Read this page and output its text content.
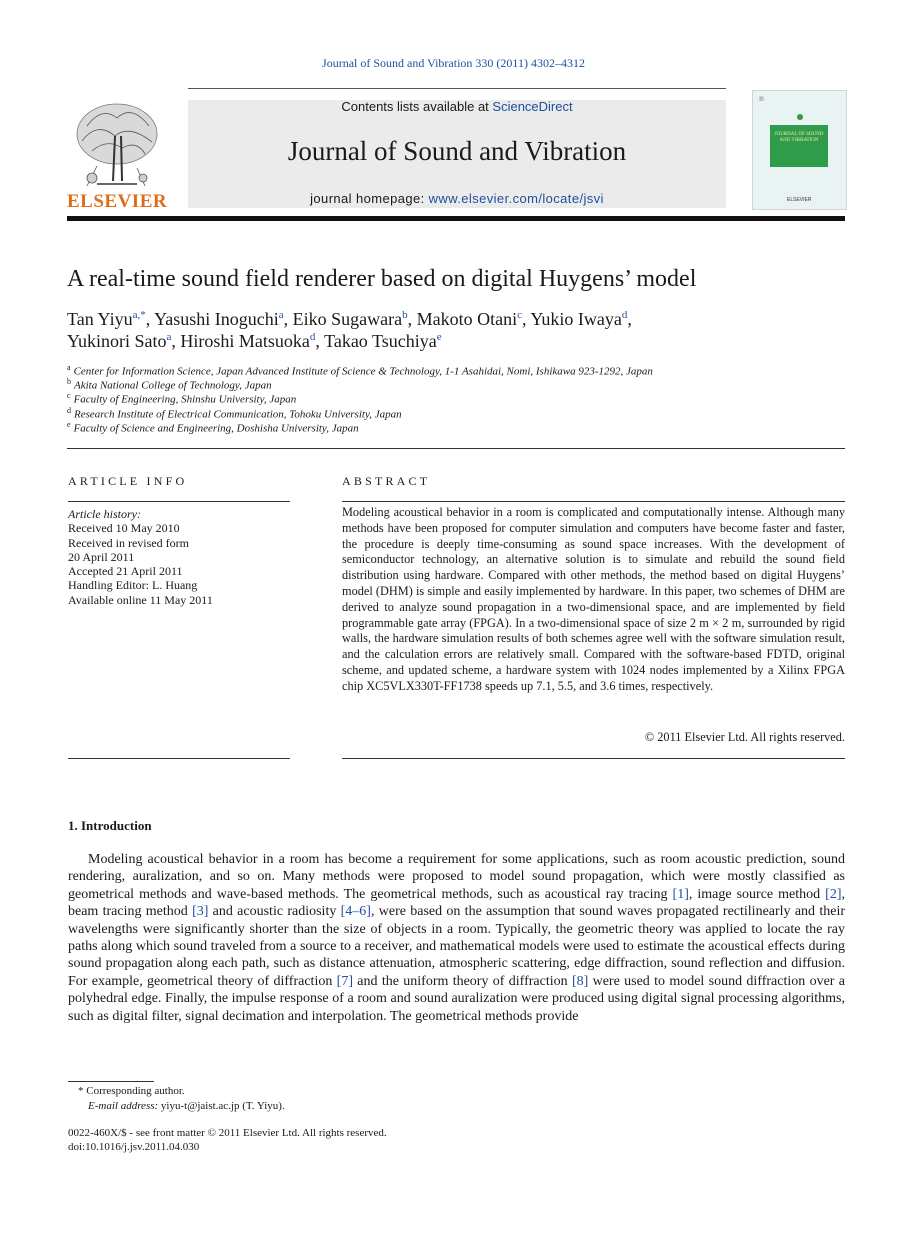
Journal of Sound and Vibration 330 (2011) 4302–4312
ELSEVIER
Contents lists available at ScienceDirect
Journal of Sound and Vibration
journal homepage: www.elsevier.com/locate/jsvi
▥
JOURNAL OF SOUND AND VIBRATION
ELSEVIER
A real-time sound field renderer based on digital Huygens’ model
Tan Yiyu$^{a,*}$, Yasushi Inoguchi$^a$, Eiko Sugawara$^b$, Makoto Otani$^c$, Yukio Iwaya$^d$,
Yukinori Sato$^a$, Hiroshi Matsuoka$^d$, Takao Tsuchiya$^e$
$^a$ Center for Information Science, Japan Advanced Institute of Science & Technology, 1-1 Asahidai, Nomi, Ishikawa 923-1292, Japan
$^b$ Akita National College of Technology, Japan
$^c$ Faculty of Engineering, Shinshu University, Japan
$^d$ Research Institute of Electrical Communication, Tohoku University, Japan
$^e$ Faculty of Science and Engineering, Doshisha University, Japan
ARTICLE INFO
Article history:
Received 10 May 2010
Received in revised form
20 April 2011
Accepted 21 April 2011
Handling Editor: L. Huang
Available online 11 May 2011
ABSTRACT
Modeling acoustical behavior in a room is complicated and computationally intense. Although many methods have been proposed for computer simulation and computers have become faster and faster, the procedure is deeply time-consuming as sound space increases. With the development of semiconductor technology, an alternative solution is to simulate and rebuild the sound field distribution using hardware. Compared with other methods, the method based on digital Huygens’ model (DHM) is simple and easily implemented by hardware. In this paper, two schemes of DHM are derived to analyze sound propagation in a two-dimensional space, and are implemented by field programmable gate array (FPGA). In a two-dimensional space of size 2 m × 2 m, surrounded by rigid walls, the hardware simulation results of both schemes agree well with the software simulation result, and the calculation errors are relatively small. Compared with the software-based FDTD, original scheme, and updated scheme, a hardware system with 1024 nodes implemented by a Xilinx FPGA chip XC5VLX330T-FF1738 speeds up 7.1, 5.5, and 3.6 times, respectively.
© 2011 Elsevier Ltd. All rights reserved.
1. Introduction
Modeling acoustical behavior in a room has become a requirement for some applications, such as room acoustic prediction, sound rendering, auralization, and so on. Many methods were proposed to model sound propagation, which were mostly classified as geometrical methods and wave-based methods. The geometrical methods, such as acoustical ray tracing [1], image source method [2], beam tracing method [3] and acoustic radiosity [4–6], were based on the assumption that sound waves propagated rectilinearly and their wavelengths were significantly shorter than the size of objects in a room. Typically, the geometric theory was applied to locate the ray paths along which sound traveled from a source to a receiver, and mathematical models were used to estimate the acoustical effects during sound propagation along each path, such as distance attenuation, atmospheric scattering, edge diffraction, sound reflection and diffusion. For example, geometrical theory of diffraction [7] and the uniform theory of diffraction [8] were used to model sound diffraction over a polyhedral edge. Finally, the impulse response of a room and sound auralization were produced using digital signal processing algorithms, such as digital filter, signal decimation and interpolation. The geometrical methods provide
* Corresponding author.
E-mail address: yiyu-t@jaist.ac.jp (T. Yiyu).
0022-460X/$ - see front matter © 2011 Elsevier Ltd. All rights reserved.
doi:10.1016/j.jsv.2011.04.030
